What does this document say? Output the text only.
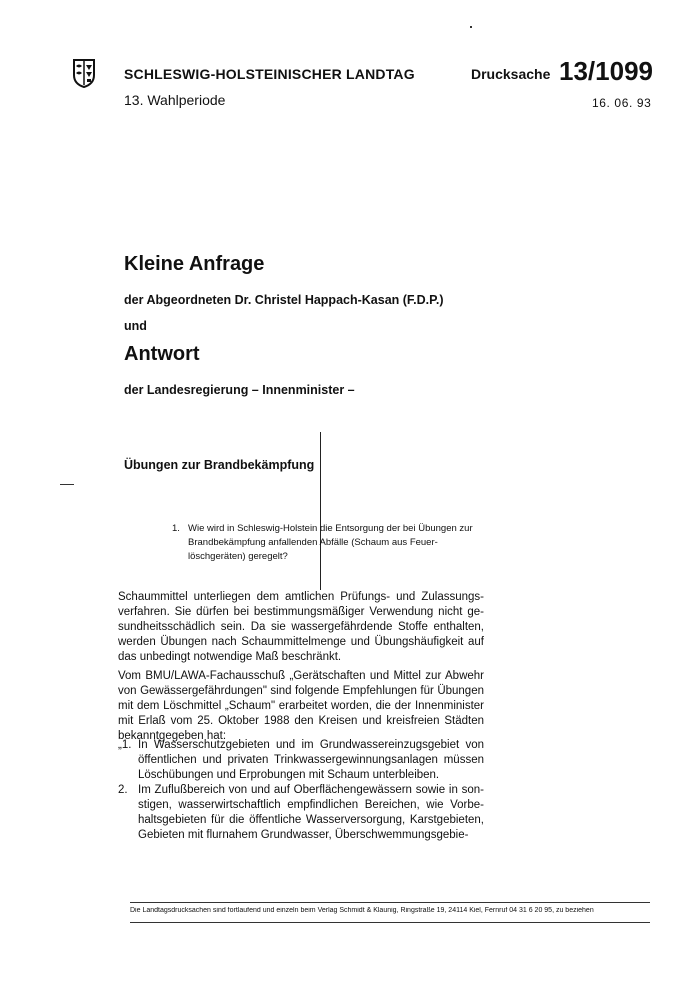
SCHLESWIG-HOLSTEINISCHER LANDTAG
13. Wahlperiode
Drucksache 13/1099
16. 06. 93
Kleine Anfrage
der Abgeordneten Dr. Christel Happach-Kasan (F.D.P.)
und
Antwort
der Landesregierung – Innenminister –
Übungen zur Brandbekämpfung
1. Wie wird in Schleswig-Holstein die Entsorgung der bei Übungen zur Brandbekämpfung anfallenden Abfälle (Schaum aus Feuerlöschgeräten) geregelt?
Schaummittel unterliegen dem amtlichen Prüfungs- und Zulassungsverfahren. Sie dürfen bei bestimmungsmäßiger Verwendung nicht gesundheitsschädlich sein. Da sie wassergefährdende Stoffe enthalten, werden Übungen nach Schaummittelmenge und Übungshäufigkeit auf das unbedingt notwendige Maß beschränkt.
Vom BMU/LAWA-Fachausschuß „Gerätschaften und Mittel zur Abwehr von Gewässergefährdungen" sind folgende Empfehlungen für Übungen mit dem Löschmittel „Schaum" erarbeitet worden, die der Innenminister mit Erlaß vom 25. Oktober 1988 den Kreisen und kreisfreien Städten bekanntgegeben hat:
„1. In Wasserschutzgebieten und im Grundwassereinzugsgebiet von öffentlichen und privaten Trinkwassergewinnungsanlagen müssen Löschübungen und Erprobungen mit Schaum unterbleiben.
2. Im Zuflußbereich von und auf Oberflächengewässern sowie in sonstigen, wasserwirtschaftlich empfindlichen Bereichen, wie Vorbehaltsgebieten für die öffentliche Wasserversorgung, Karstgebieten, Gebieten mit flurnahem Grundwasser, Überschwemmungsgebie-
Die Landtagsdrucksachen sind fortlaufend und einzeln beim Verlag Schmidt & Klaunig, Ringstraße 19, 24114 Kiel, Fernruf 04 31 6 20 95, zu beziehen
